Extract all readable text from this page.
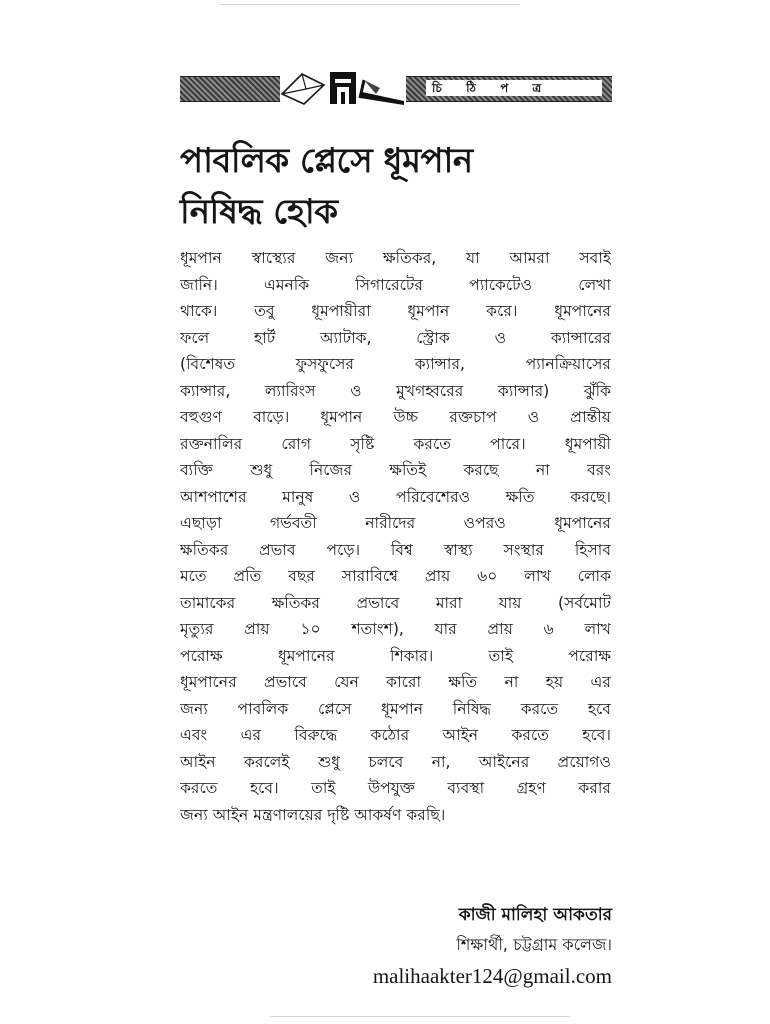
চি ঠি প ত্র
পাবলিক প্লেসে ধূমপান
নিষিদ্ধ হোক
ধূমপান স্বাস্থ্যের জন্য ক্ষতিকর, যা আমরা সবাই
জানি। এমনকি সিগারেটের প্যাকেটেও লেখা
থাকে। তবু ধূমপায়ীরা ধূমপান করে। ধূমপানের
ফলে হার্ট অ্যাটাক, স্ট্রোক ও ক্যান্সারের
(বিশেষত ফুসফুসের ক্যান্সার, প্যানক্রিয়াসের
ক্যান্সার, ল্যারিংস ও মুখগহ্বরের ক্যান্সার) ঝুঁকি
বহুগুণ বাড়ে। ধূমপান উচ্চ রক্তচাপ ও প্রান্তীয়
রক্তনালির রোগ সৃষ্টি করতে পারে। ধূমপায়ী
ব্যক্তি শুধু নিজের ক্ষতিই করছে না বরং
আশপাশের মানুষ ও পরিবেশেরও ক্ষতি করছে।
এছাড়া গর্ভবতী নারীদের ওপরও ধূমপানের
ক্ষতিকর প্রভাব পড়ে। বিশ্ব স্বাস্থ্য সংস্থার হিসাব
মতে প্রতি বছর সারাবিশ্বে প্রায় ৬০ লাখ লোক
তামাকের ক্ষতিকর প্রভাবে মারা যায় (সর্বমোট
মৃত্যুর প্রায় ১০ শতাংশ), যার প্রায় ৬ লাখ
পরোক্ষ ধূমপানের শিকার। তাই পরোক্ষ
ধূমপানের প্রভাবে যেন কারো ক্ষতি না হয় এর
জন্য পাবলিক প্লেসে ধূমপান নিষিদ্ধ করতে হবে
এবং এর বিরুদ্ধে কঠোর আইন করতে হবে।
আইন করলেই শুধু চলবে না, আইনের প্রয়োগও
করতে হবে। তাই উপযুক্ত ব্যবস্থা গ্রহণ করার
জন্য আইন মন্ত্রণালয়ের দৃষ্টি আকর্ষণ করছি।
কাজী মালিহা আকতার
শিক্ষার্থী, চট্টগ্রাম কলেজ।
malihaakter124@gmail.com
